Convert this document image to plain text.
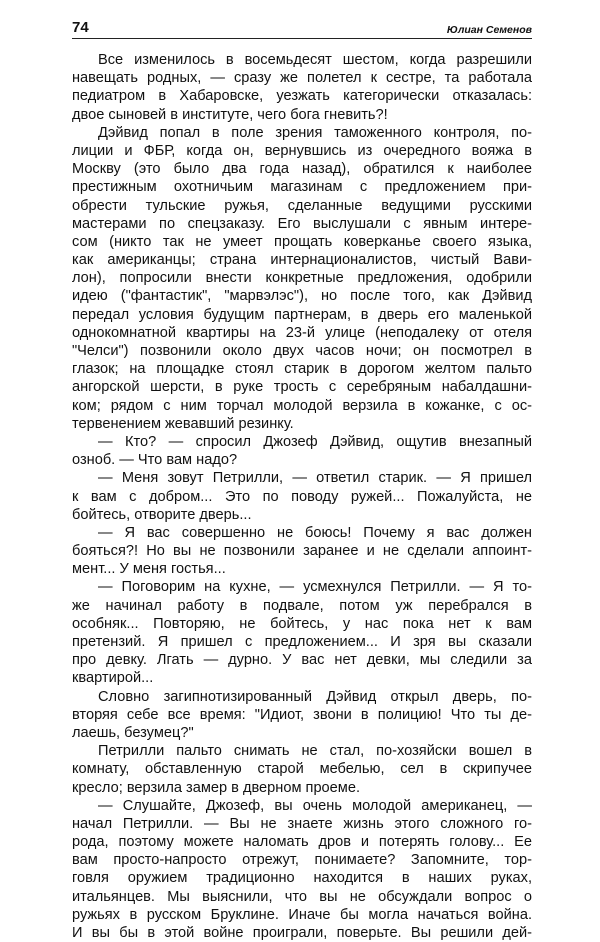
74	Юлиан Семенов
Все изменилось в восемьдесят шестом, когда разрешили
навещать родных, — сразу же полетел к сестре, та работала
педиатром в Хабаровске, уезжать категорически отказалась:
двое сыновей в институте, чего бога гневить?!
Дэйвид попал в поле зрения таможенного контроля, по-
лиции и ФБР, когда он, вернувшись из очередного вояжа в
Москву (это было два года назад), обратился к наиболее
престижным охотничьим магазинам с предложением при-
обрести тульские ружья, сделанные ведущими русскими
мастерами по спецзаказу. Его выслушали с явным интере-
сом (никто так не умеет прощать коверканье своего языка,
как американцы; страна интернационалистов, чистый Вави-
лон), попросили внести конкретные предложения, одобрили
идею ("фантастик", "марвэлэс"), но после того, как Дэйвид
передал условия будущим партнерам, в дверь его маленькой
однокомнатной квартиры на 23-й улице (неподалеку от отеля
"Челси") позвонили около двух часов ночи; он посмотрел в
глазок; на площадке стоял старик в дорогом желтом пальто
ангорской шерсти, в руке трость с серебряным набалдашни-
ком; рядом с ним торчал молодой верзила в кожанке, с ос-
тервенением жевавший резинку.
— Кто? — спросил Джозеф Дэйвид, ощутив внезапный
озноб. — Что вам надо?
— Меня зовут Петрилли, — ответил старик. — Я пришел
к вам с добром... Это по поводу ружей... Пожалуйста, не
бойтесь, отворите дверь...
— Я вас совершенно не боюсь! Почему я вас должен
бояться?! Но вы не позвонили заранее и не сделали аппоинт-
мент... У меня гостья...
— Поговорим на кухне, — усмехнулся Петрилли. — Я то-
же начинал работу в подвале, потом уж перебрался в
особняк... Повторяю, не бойтесь, у нас пока нет к вам
претензий. Я пришел с предложением... И зря вы сказали
про девку. Лгать — дурно. У вас нет девки, мы следили за
квартирой...
Словно загипнотизированный Дэйвид открыл дверь, по-
вторяя себе все время: "Идиот, звони в полицию! Что ты де-
лаешь, безумец?"
Петрилли пальто снимать не стал, по-хозяйски вошел в
комнату, обставленную старой мебелью, сел в скрипучее
кресло; верзила замер в дверном проеме.
— Слушайте, Джозеф, вы очень молодой американец, —
начал Петрилли. — Вы не знаете жизнь этого сложного го-
рода, поэтому можете наломать дров и потерять голову... Ее
вам просто-напросто отрежут, понимаете? Запомните, тор-
говля оружием традиционно находится в наших руках,
итальянцев. Мы выяснили, что вы не обсуждали вопрос о
ружьях в русском Бруклине. Иначе бы могла начаться война.
И вы бы в этой войне проиграли, поверьте. Вы решили дей-
